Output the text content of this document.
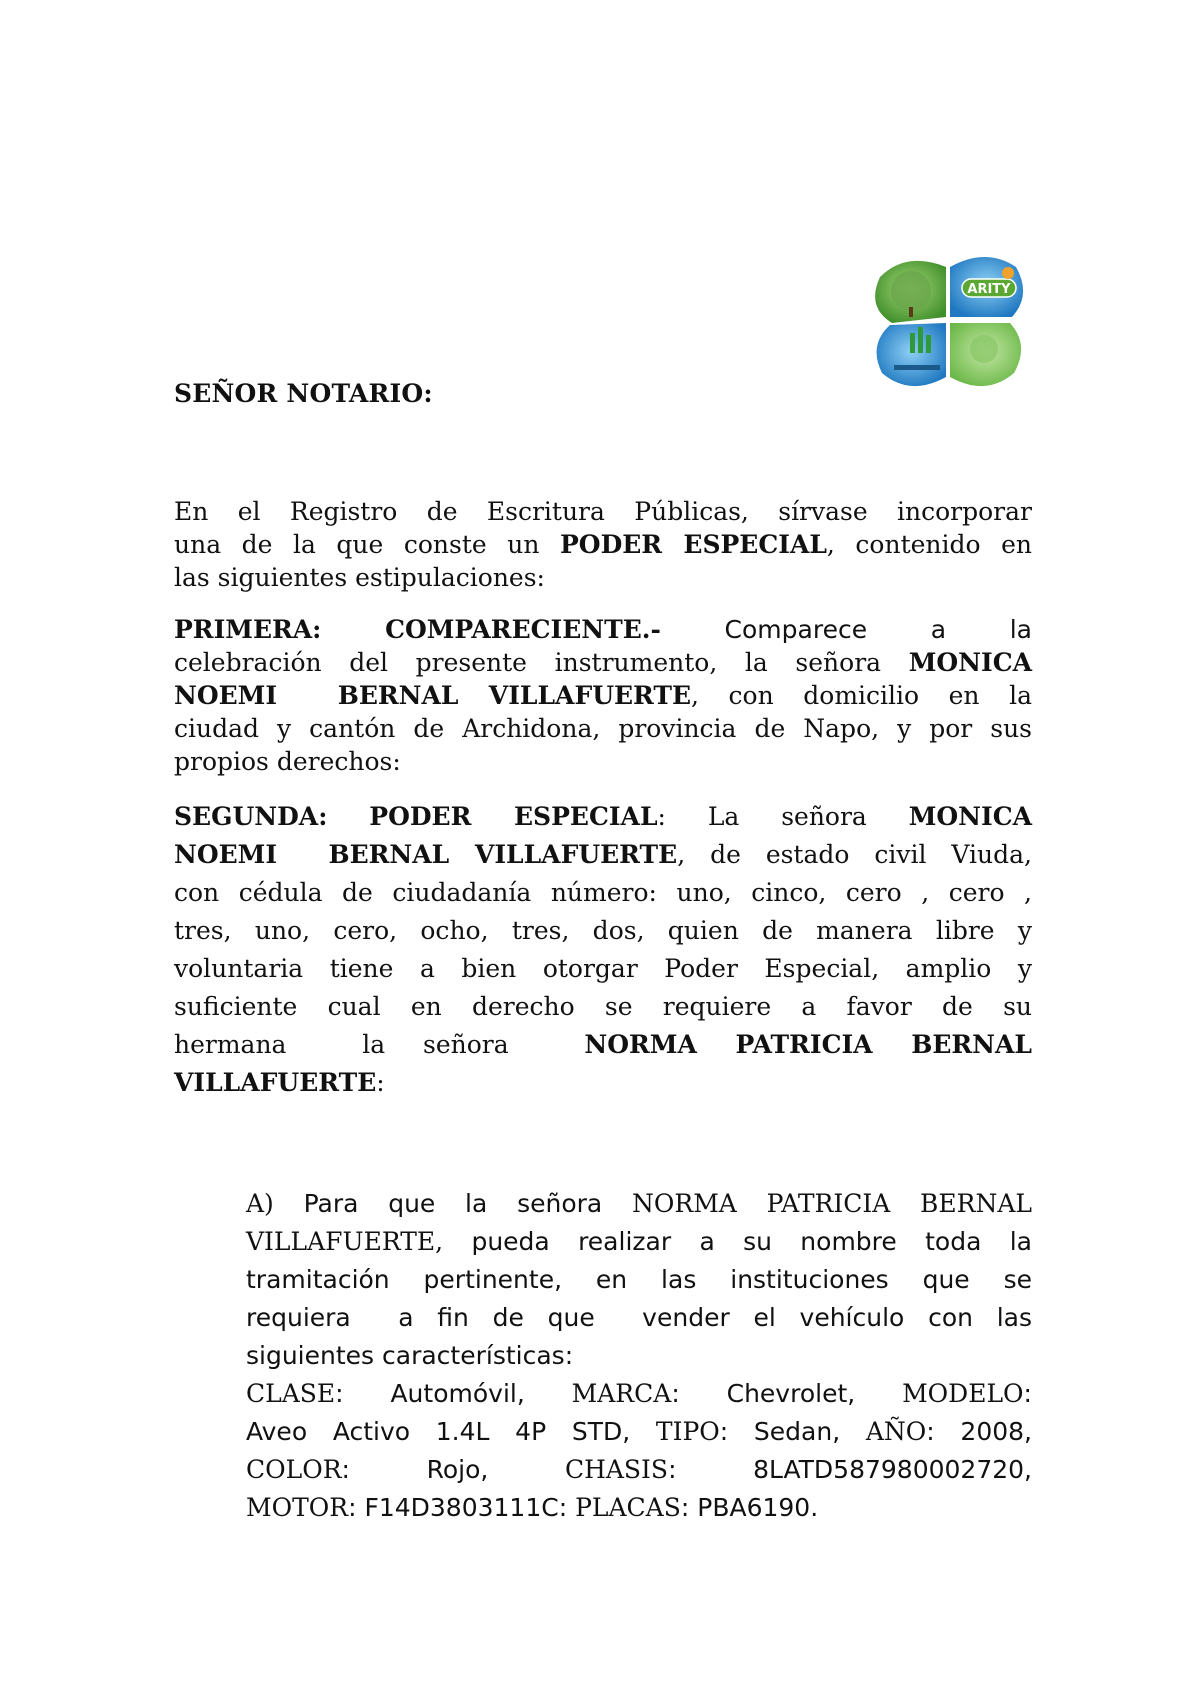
ARITY
SEÑOR NOTARIO:
En el Registro de Escritura Públicas, sírvase incorporar
una de la que conste un PODER ESPECIAL, contenido en
las siguientes estipulaciones:
PRIMERA:	COMPARECIENTE.- Comparece a la
celebración del presente instrumento, la señora MONICA
NOEMI  BERNAL VILLAFUERTE, con domicilio en la
ciudad y cantón de Archidona, provincia de Napo, y por sus
propios derechos:
SEGUNDA: PODER ESPECIAL: La señora MONICA
NOEMI  BERNAL VILLAFUERTE, de estado civil Viuda,
con cédula de ciudadanía número: uno, cinco, cero , cero ,
tres, uno, cero, ocho, tres, dos, quien de manera libre y
voluntaria tiene a bien otorgar Poder Especial, amplio y
suficiente cual en derecho se requiere a favor de su
hermana  la señora  NORMA PATRICIA BERNAL
VILLAFUERTE:
A) Para que la señora NORMA PATRICIA BERNAL
VILLAFUERTE, pueda realizar a su nombre toda la
tramitación pertinente, en las instituciones que se
requiera  a fin de que  vender el vehículo con las
siguientes características:
CLASE: Automóvil, MARCA: Chevrolet, MODELO:
Aveo Activo 1.4L 4P STD, TIPO: Sedan, AÑO: 2008,
COLOR: Rojo,	CHASIS: 8LATD587980002720,
MOTOR: F14D3803111C: PLACAS: PBA6190.
